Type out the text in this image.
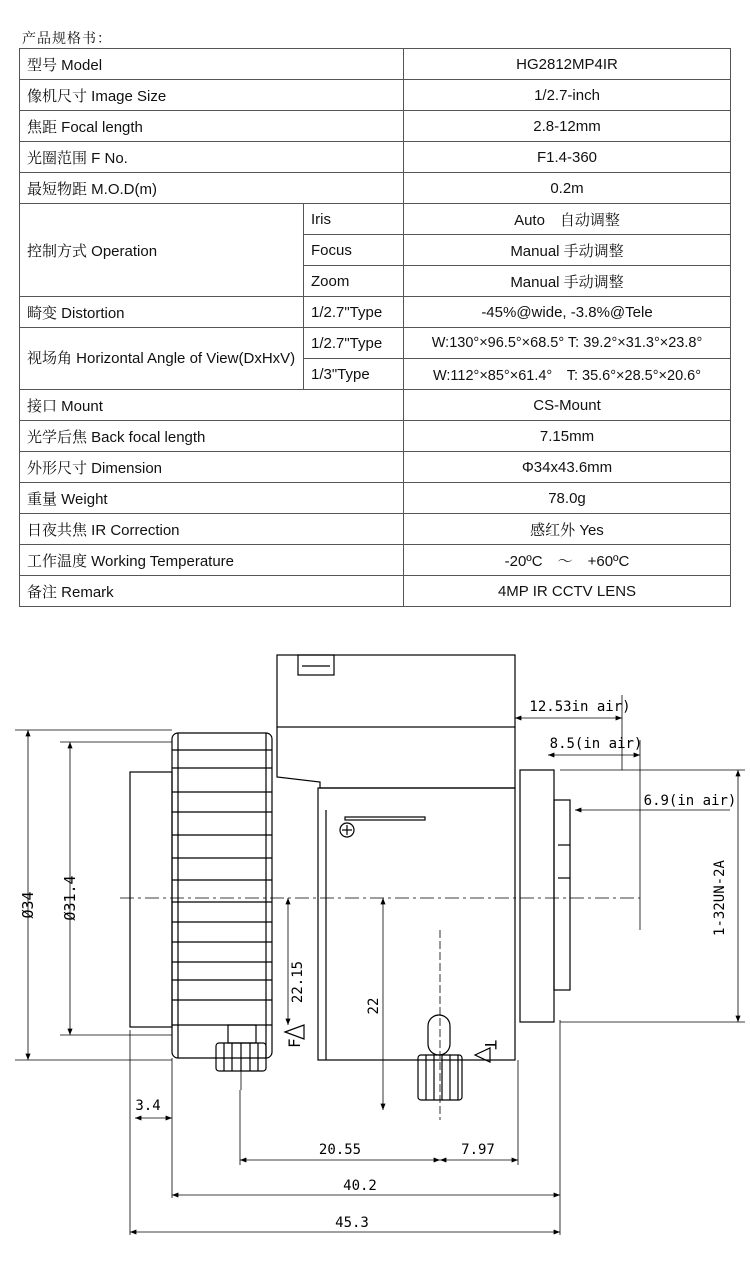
产品规格书：
型号 Model		HG2812MP4IR
像机尺寸 Image Size		1/2.7-inch
焦距 Focal length		2.8-12mm
光圈范围 F No.		F1.4-360
最短物距 M.O.D(m)		0.2m
控制方式 Operation	Iris	Auto　自动调整
	Focus	Manual 手动调整
	Zoom	Manual 手动调整
畸变 Distortion	1/2.7"Type	-45%@wide, -3.8%@Tele
视场角 Horizontal Angle of View(DxHxV)	1/2.7"Type	W:130°×96.5°×68.5° T: 39.2°×31.3°×23.8°
	1/3"Type	W:112°×85°×61.4°　T: 35.6°×28.5°×20.6°
接口 Mount		CS-Mount
光学后焦 Back focal length		7.15mm
外形尺寸 Dimension		Φ34x43.6mm
重量 Weight		78.0g
日夜共焦 IR Correction		感红外 Yes
工作温度 Working Temperature		-20ºC　～　+60ºC
备注 Remark		4MP IR CCTV LENS
F	T
Ø34 Ø31.4
22.15
22
12.53in air)
8.5(in air)
6.9(in air)
1-32UN-2A
3.4
20.55	7.97
40.2
45.3
